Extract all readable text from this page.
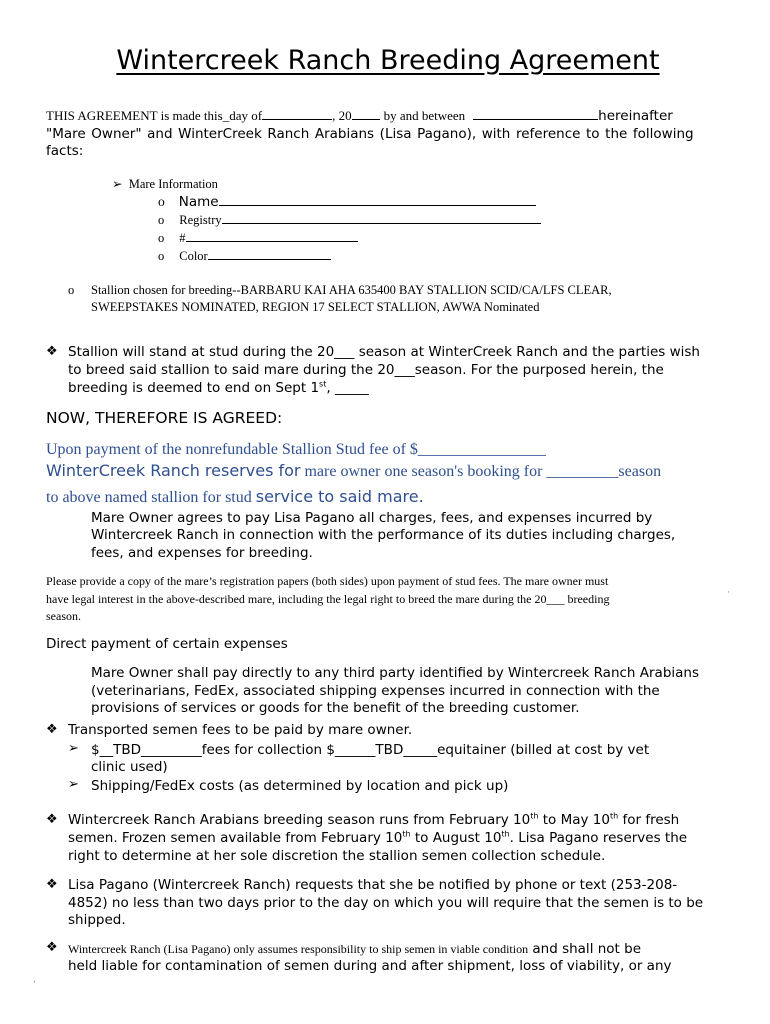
Wintercreek Ranch Breeding Agreement
THIS AGREEMENT is made this_day of	, 20 by and between	hereinafter
"Mare Owner" and WinterCreek Ranch Arabians (Lisa Pagano), with reference to the following
facts:
➢ Mare Information
o Name
o Registry
o #
o Color
o Stallion chosen for breeding--BARBARU KAI AHA 635400 BAY STALLION SCID/CA/LFS CLEAR,
SWEEPSTAKES NOMINATED, REGION 17 SELECT STALLION, AWWA Nominated
❖ Stallion will stand at stud during the 20___ season at WinterCreek Ranch and the parties wish
to breed said stallion to said mare during the 20___season. For the purposed herein, the
breeding is deemed to end on Sept 1st, _____
NOW, THEREFORE IS AGREED:
Upon payment of the nonrefundable Stallion Stud fee of $________________
WinterCreek Ranch reserves for mare owner one season's booking for _________season
to above named stallion for stud service to said mare.
Mare Owner agrees to pay Lisa Pagano all charges, fees, and expenses incurred by
Wintercreek Ranch in connection with the performance of its duties including charges,
fees, and expenses for breeding.
Please provide a copy of the mare’s registration papers (both sides) upon payment of stud fees. The mare owner must
have legal interest in the above-described mare, including the legal right to breed the mare during the 20___ breeding
season.
·
Direct payment of certain expenses
Mare Owner shall pay directly to any third party identified by Wintercreek Ranch Arabians
(veterinarians, FedEx, associated shipping expenses incurred in connection with the
provisions of services or goods for the benefit of the breeding customer.
❖ Transported semen fees to be paid by mare owner.
➢ $__TBD_________fees for collection $______TBD_____equitainer (billed at cost by vet
clinic used)
➢ Shipping/FedEx costs (as determined by location and pick up)
❖ Wintercreek Ranch Arabians breeding season runs from February 10th to May 10th for fresh
semen. Frozen semen available from February 10th to August 10th. Lisa Pagano reserves the
right to determine at her sole discretion the stallion semen collection schedule.
❖ Lisa Pagano (Wintercreek Ranch) requests that she be notified by phone or text (253-208-
4852) no less than two days prior to the day on which you will require that the semen is to be
shipped.
❖ Wintercreek Ranch (Lisa Pagano) only assumes responsibility to ship semen in viable condition and shall not be
held liable for contamination of semen during and after shipment, loss of viability, or any
'
